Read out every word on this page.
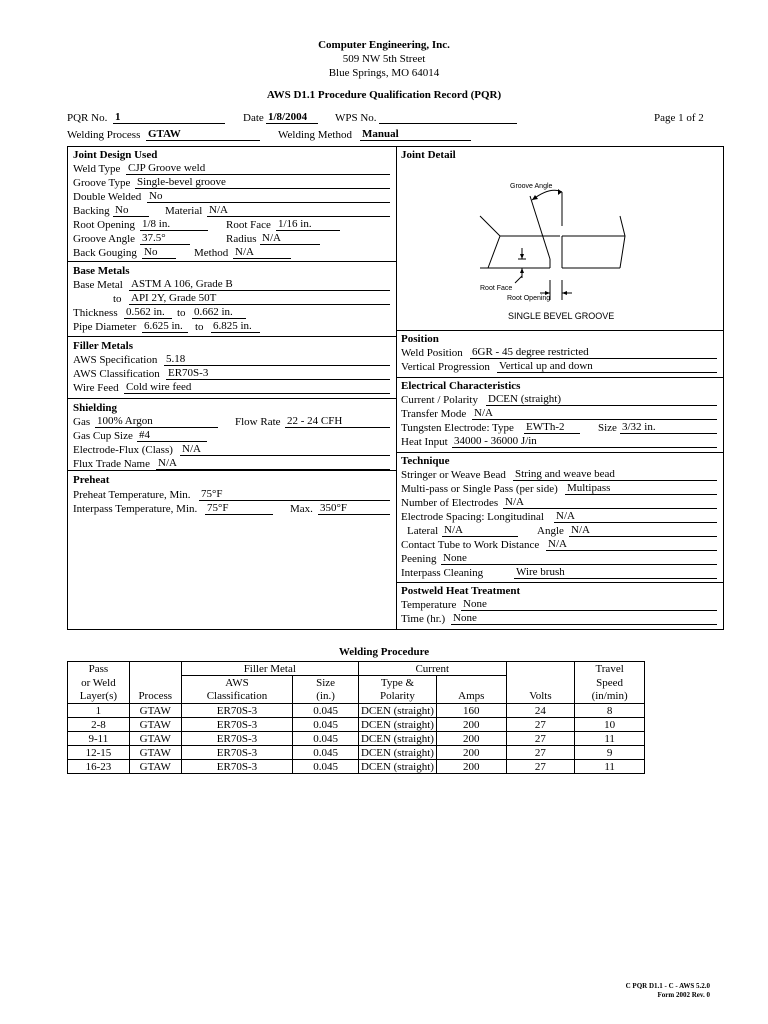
Computer Engineering, Inc.
509 NW 5th Street
Blue Springs, MO 64014
AWS D1.1 Procedure Qualification Record (PQR)
PQR No. 1	Date 1/8/2004	WPS No.	Page 1 of 2
Welding Process GTAW	Welding Method Manual
Joint Design Used
Weld Type CJP Groove weld
Groove Type Single-bevel groove
Double Welded No
Backing No	Material N/A
Root Opening 1/8 in.	Root Face 1/16 in.
Groove Angle 37.5°	Radius N/A
Back Gouging No	Method N/A
Base Metals
Base Metal ASTM A 106, Grade B
to API 2Y, Grade 50T
Thickness 0.562 in.	to 0.662 in.
Pipe Diameter 6.625 in.	to 6.825 in.
Filler Metals
AWS Specification 5.18
AWS Classification ER70S-3
Wire Feed Cold wire feed
Shielding
Gas 100% Argon	Flow Rate 22 - 24 CFH
Gas Cup Size #4
Electrode-Flux (Class) N/A
Flux Trade Name N/A
Preheat
Preheat Temperature, Min. 75°F
Interpass Temperature, Min. 75°F	Max. 350°F
Joint Detail
Groove Angle
Root Face
Root Opening
SINGLE BEVEL GROOVE
Position
Weld Position 6GR - 45 degree restricted
Vertical Progression Vertical up and down
Electrical Characteristics
Current / Polarity DCEN (straight)
Transfer Mode N/A
Tungsten Electrode: Type EWTh-2	Size 3/32 in.
Heat Input 34000 - 36000 J/in
Technique
Stringer or Weave Bead String and weave bead
Multi-pass or Single Pass (per side) Multipass
Number of Electrodes N/A
Electrode Spacing: Longitudinal N/A
Lateral N/A	Angle N/A
Contact Tube to Work Distance N/A
Peening None
Interpass Cleaning	Wire brush
Postweld Heat Treatment
Temperature None
Time (hr.) None
Welding Procedure
Pass		Filler Metal		Current			Travel
or Weld		AWS	Size	Type &			Speed
Layer(s)	Process	Classification	(in.)	Polarity	Amps	Volts	(in/min)
1	GTAW	ER70S-3	0.045	DCEN (straight)	160	24	8
2-8	GTAW	ER70S-3	0.045	DCEN (straight)	200	27	10
9-11	GTAW	ER70S-3	0.045	DCEN (straight)	200	27	11
12-15	GTAW	ER70S-3	0.045	DCEN (straight)	200	27	9
16-23	GTAW	ER70S-3	0.045	DCEN (straight)	200	27	11
C PQR D1.1 - C - AWS 5.2.0
Form 2002 Rev. 0
